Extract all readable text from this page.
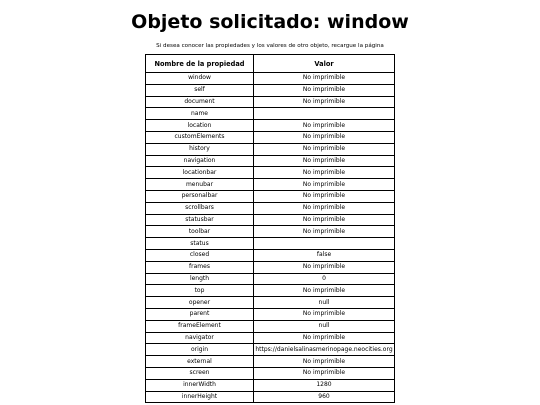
Objeto solicitado: window

Si desea conocer las propiedades y los valores de otro objeto, recargue la página

Nombre de la propiedad	Valor
window	No imprimible
self	No imprimible
document	No imprimible
name	
location	No imprimible
customElements	No imprimible
history	No imprimible
navigation	No imprimible
locationbar	No imprimible
menubar	No imprimible
personalbar	No imprimible
scrollbars	No imprimible
statusbar	No imprimible
toolbar	No imprimible
status	
closed	false
frames	No imprimible
length	0
top	No imprimible
opener	null
parent	No imprimible
frameElement	null
navigator	No imprimible
origin	https://danielsalinasmerinopage.neocities.org
external	No imprimible
screen	No imprimible
innerWidth	1280
innerHeight	960
